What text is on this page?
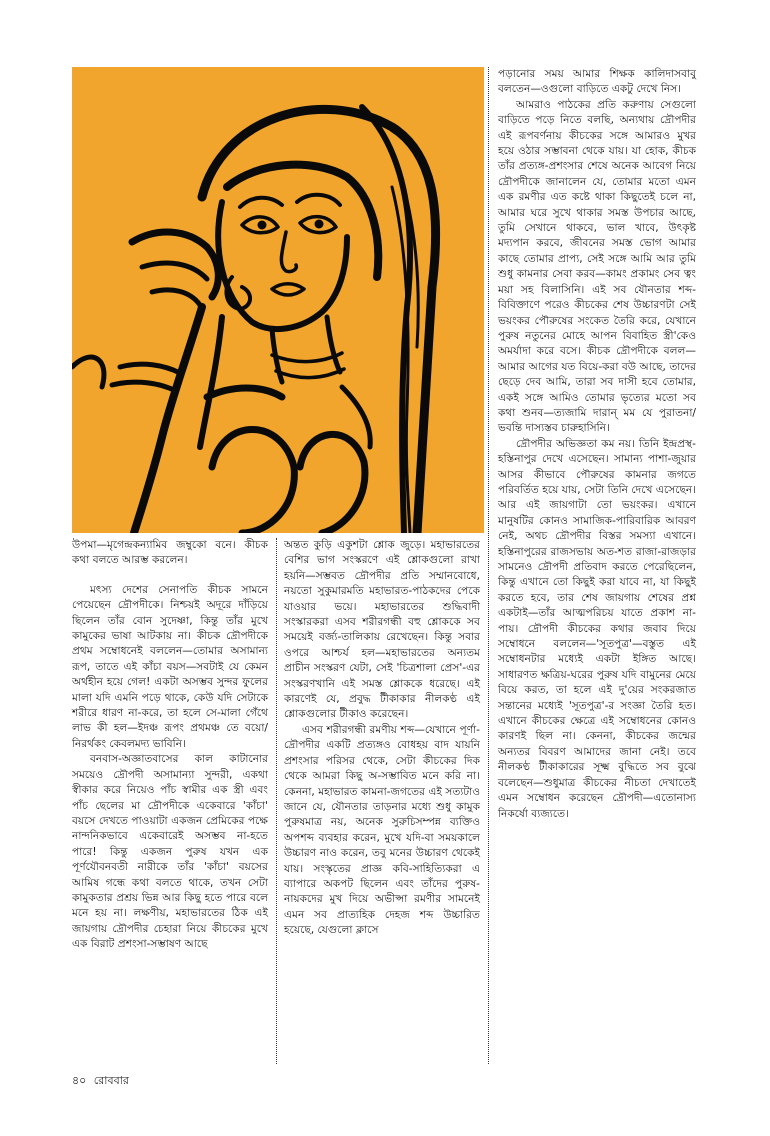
উপমা—মৃগেন্দ্রকন্যামিব জম্বুকো বনে। কীচক কথা বলতে আরম্ভ করলেন।

মৎস্য দেশের সেনাপতি কীচক সামনে পেয়েছেন দ্রৌপদীকে। নিশ্চয়ই অদূরে দাঁড়িয়ে ছিলেন তাঁর বোন সুদেষ্ণা, কিন্তু তাঁর মুখে কামুকের ভাষা আটকায় না। কীচক দ্রৌপদীকে প্রথম সম্বোধনেই বললেন—তোমার অসামান্য রূপ, তাতে এই কাঁচা বয়স—সবটাই যে কেমন অর্থহীন হয়ে গেল! একটা অসম্ভব সুন্দর ফুলের মালা যদি এমনি পড়ে থাকে, কেউ যদি সেটাকে শরীরে ধারণ না-করে, তা হলে সে-মালা গেঁথে লাভ কী হল—ইদঞ্চ রূপং প্রথমঞ্চ তে বয়ো/নিরর্থকং কেবলমদ্য ভাবিনি।

বনবাস-অজ্ঞাতবাসের কাল কাটানোর সময়েও দ্রৌপদী অসামান্যা সুন্দরী, একথা স্বীকার করে নিয়েও পাঁচ স্বামীর এক স্ত্রী এবং পাঁচ ছেলের মা দ্রৌপদীকে একেবারে 'কাঁচা' বয়সে দেখতে পাওয়াটা একজন প্রেমিকের পক্ষে নান্দনিকভাবে একেবারেই অসম্ভব না-হতে পারে! কিন্তু একজন পুরুষ যখন এক পূর্ণযৌবনবতী নারীকে তাঁর 'কাঁচা' বয়সের আমিষ গন্ধে কথা বলতে থাকে, তখন সেটা কামুকতার প্রশ্রয় ভিন্ন আর কিছু হতে পারে বলে মনে হয় না। লক্ষণীয়, মহাভারতের ঠিক এই জায়গায় দ্রৌপদীর চেহারা নিয়ে কীচকের মুখে এক বিরাট প্রশংসা-সম্ভাষণ আছে

অন্তত কুড়ি একুশটা শ্লোক জুড়ে। মহাভারতের বেশির ভাগ সংস্করণে এই শ্লোকগুলো রাখা হয়নি—সম্ভবত দ্রৌপদীর প্রতি সম্মানবোধে, নয়তো সুকুমারমতি মহাভারত-পাঠকদের পেকে যাওয়ার ভয়ে। মহাভারতের শুদ্ধিবাদী সংস্কারকরা এসব শরীরগন্ধী বহু শ্লোককে সব সময়েই বর্জ্য-তালিকায় রেখেছেন। কিন্তু সবার ওপরে আশ্চর্য হল—মহাভারতের অন্যতম প্রাচীন সংস্করণ যেটা, সেই 'চিত্রশালা প্রেস'-এর সংস্করণখানি এই সমস্ত শ্লোককে ধরেছে। এই কারণেই যে, প্রবুদ্ধ টীকাকার নীলকণ্ঠ এই শ্লোকগুলোর টীকাও করেছেন।

এসব শরীরগন্ধী রমণীয় শব্দ—যেখানে পূর্ণা-দ্রৌপদীর একটি প্রত্যঙ্গও বোধহয় বাদ যায়নি প্রশংসার পরিসর থেকে, সেটা কীচকের দিক থেকে আমরা কিছু অ-সম্ভাবিত মনে করি না। কেননা, মহাভারত কামনা-জগতের এই সত্যটাও জানে যে, যৌনতার তাড়নার মধ্যে শুধু কামুক পুরুষমাত্র নয়, অনেক সুরুচিসম্পন্ন ব্যক্তিও অপশব্দ ব্যবহার করেন, মুখে যদি-বা সময়কালে উচ্চারণ নাও করেন, তবু মনের উচ্চারণ থেকেই যায়। সংস্কৃতের প্রাজ্ঞ কবি-সাহিত্যিকরা এ ব্যাপারে অকপট ছিলেন এবং তাঁদের পুরুষ-নায়কদের মুখ দিয়ে অভীপ্সা রমণীর সামনেই এমন সব প্রাত্যহিক দেহজ শব্দ উচ্চারিত হয়েছে, যেগুলো ক্লাসে

পড়ানোর সময় আমার শিক্ষক কালিদাসবাবু বলতেন—ওগুলো বাড়িতে একটু দেখে নিস।

আমরাও পাঠকের প্রতি করুণায় সেগুলো বাড়িতে পড়ে নিতে বলছি, অন্যথায় দ্রৌপদীর এই রূপবর্ণনায় কীচকের সঙ্গে আমারও মুখর হয়ে ওঠার সম্ভাবনা থেকে যায়। যা হোক, কীচক তাঁর প্রত্যঙ্গ-প্রশংসার শেষে অনেক আবেগ নিয়ে দ্রৌপদীকে জানালেন যে, তোমার মতো এমন এক রমণীর এত কষ্টে থাকা কিছুতেই চলে না, আমার ঘরে সুখে থাকার সমস্ত উপচার আছে, তুমি সেখানে থাকবে, ভাল খাবে, উৎকৃষ্ট মদ্যপান করবে, জীবনের সমস্ত ভোগ আমার কাছে তোমার প্রাপ্য, সেই সঙ্গে আমি আর তুমি শুধু কামনার সেবা করব—কামং প্রকামং সেব ত্বং ময়া সহ বিলাসিনি। এই সব যৌনতার শব্দ-বিবিক্তাণে পরেও কীচকের শেষ উচ্চারণটা সেই ভয়ংকর পৌরুষের সংকেত তৈরি করে, যেখানে পুরুষ নতুনের মোহে আপন বিবাহিত স্ত্রী'কেও অমর্যাদা করে বসে। কীচক দ্রৌপদীকে বলল—আমার আগের যত বিয়ে-করা বউ আছে, তাদের ছেড়ে দেব আমি, তারা সব দাসী হবে তোমার, একই সঙ্গে আমিও তোমার ভৃত্যের মতো সব কথা শুনব—ত্যজামি দারান্ মম যে পুরাতনা/ভবন্তি দাস্যস্তব চারুহাসিনি।

দ্রৌপদীর অভিজ্ঞতা কম নয়। তিনি ইন্দ্রপ্রস্থ-হস্তিনাপুর দেখে এসেছেন। সামান্য পাশা-জুয়ার আসর কীভাবে পৌরুষের কামনার জগতে পরিবর্তিত হয়ে যায়, সেটা তিনি দেখে এসেছেন। আর এই জায়গাটা তো ভয়ংকর। এখানে মানুষটির কোনও সামাজিক-পারিবারিক আবরণ নেই, অথচ দ্রৌপদীর বিস্তর সমস্যা এখানে। হস্তিনাপুরের রাজসভায় অত-শত রাজা-রাজড়ার সামনেও দ্রৌপদী প্রতিবাদ করতে পেরেছিলেন, কিন্তু এখানে তো কিছুই করা যাবে না, যা কিছুই করতে হবে, তার শেষ জায়গায় শেষের প্রশ্ন একটাই—তাঁর আত্মপরিচয় যাতে প্রকাশ না-পায়। দ্রৌপদী কীচকের কথার জবাব দিয়ে সম্বোধনে বললেন—'সূতপুত্র'—বস্তুত এই সম্বোধনটার মধ্যেই একটা ইঙ্গিত আছে। সাধারণত ক্ষত্রিয়-ঘরের পুরুষ যদি বামুনের মেয়ে বিয়ে করত, তা হলে এই দু'য়ের সংকরজাত সন্তানের মধ্যেই 'সূতপুত্র'-র সংজ্ঞা তৈরি হত। এখানে কীচকের ক্ষেত্রে এই সম্বোধনের কোনও কারণই ছিল না। কেননা, কীচকের জন্মের অন্যতর বিবরণ আমাদের জানা নেই। তবে নীলকণ্ঠ টীকাকারের সূক্ষ্ম বুদ্ধিতে সব বুঝে বলেছেন—শুধুমাত্র কীচকের নীচতা দেখাতেই এমন সম্বোধন করেছেন দ্রৌপদী—এতোনাস্য নিকর্ষো ব্যজ্যতে।

৪০ রোববার
